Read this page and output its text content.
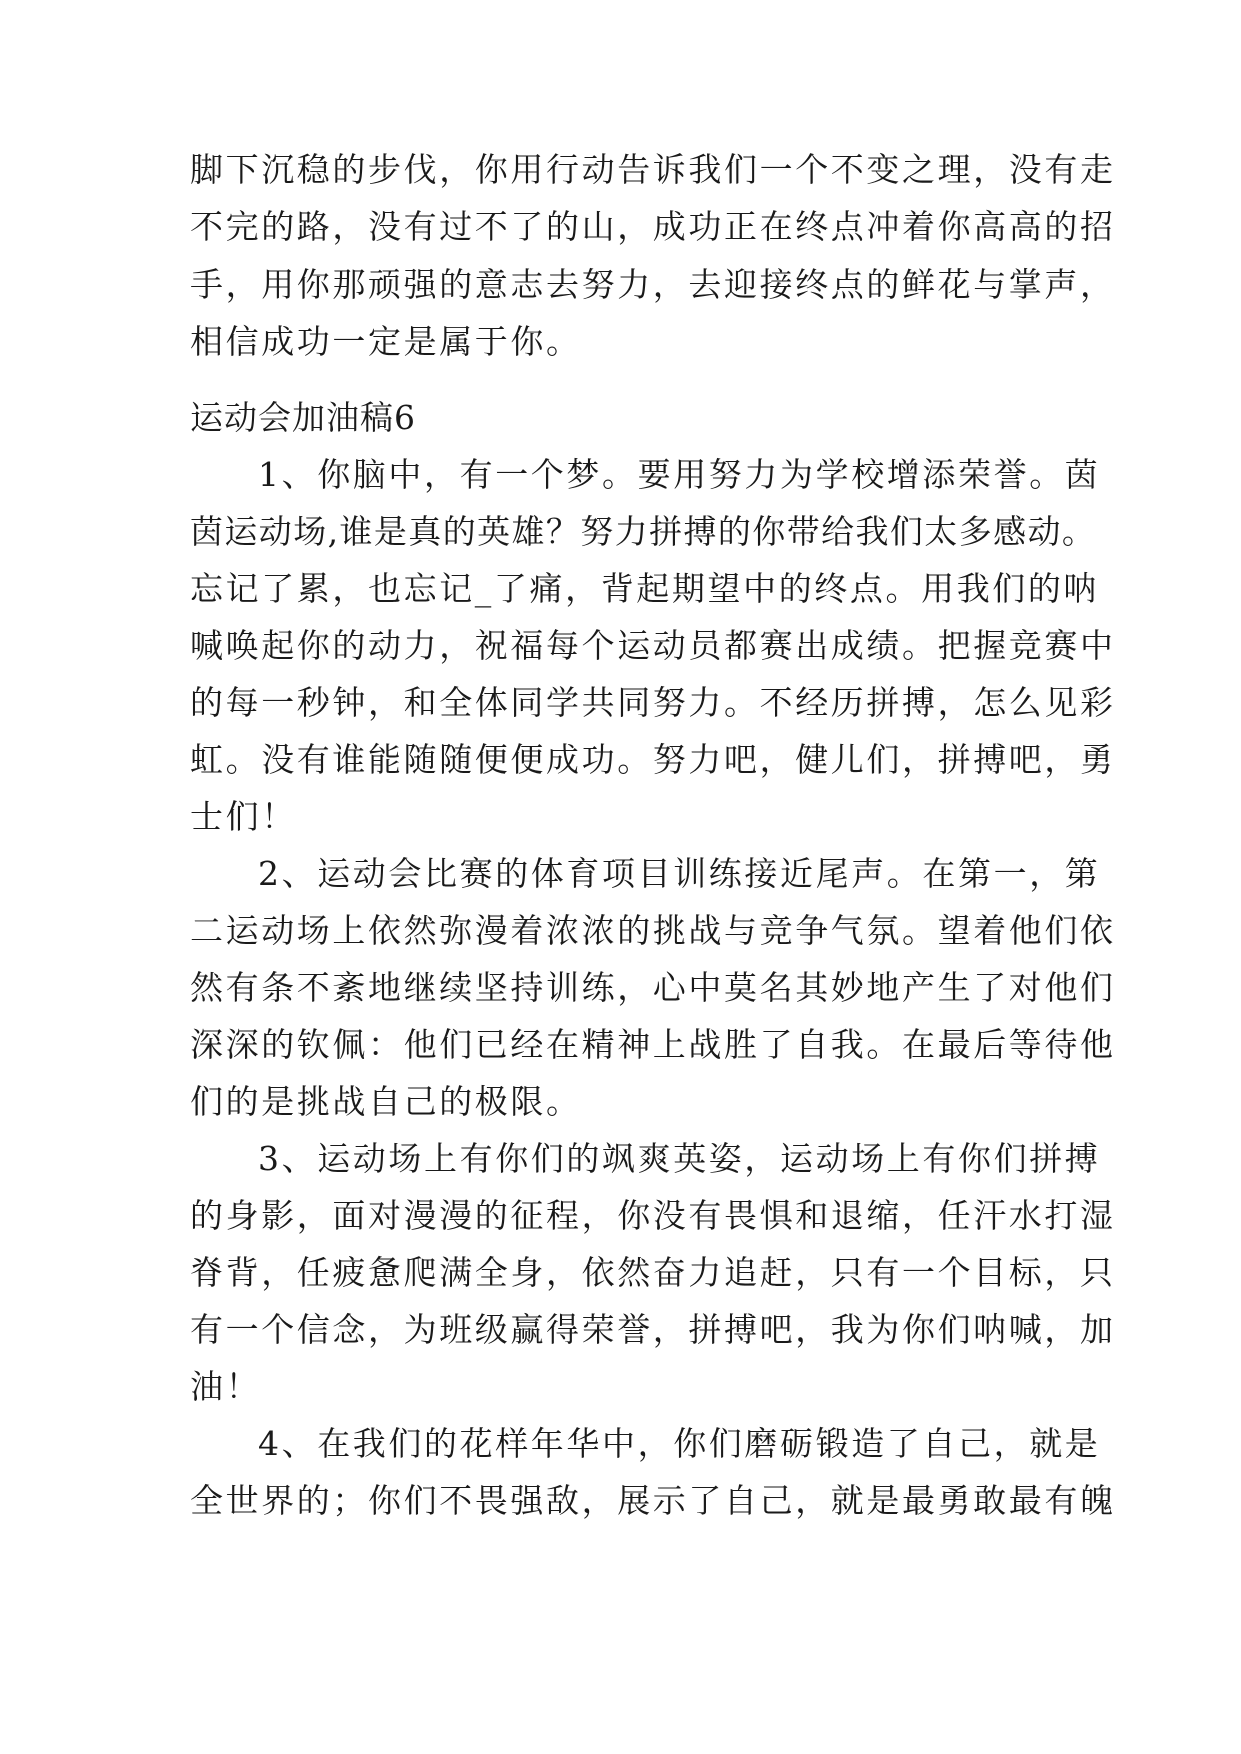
脚下沉稳的步伐，你用行动告诉我们一个不变之理，没有走
不完的路，没有过不了的山，成功正在终点冲着你高高的招
手，用你那顽强的意志去努力，去迎接终点的鲜花与掌声，
相信成功一定是属于你。
运动会加油稿6
1、你脑中，有一个梦。要用努力为学校增添荣誉。茵
茵运动场,谁是真的英雄？努力拼搏的你带给我们太多感动。
忘记了累，也忘记_了痛，背起期望中的终点。用我们的呐
喊唤起你的动力，祝福每个运动员都赛出成绩。把握竞赛中
的每一秒钟，和全体同学共同努力。不经历拼搏，怎么见彩
虹。没有谁能随随便便成功。努力吧，健儿们，拼搏吧，勇
士们！
2、运动会比赛的体育项目训练接近尾声。在第一，第
二运动场上依然弥漫着浓浓的挑战与竞争气氛。望着他们依
然有条不紊地继续坚持训练，心中莫名其妙地产生了对他们
深深的钦佩：他们已经在精神上战胜了自我。在最后等待他
们的是挑战自己的极限。
3、运动场上有你们的飒爽英姿，运动场上有你们拼搏
的身影，面对漫漫的征程，你没有畏惧和退缩，任汗水打湿
脊背，任疲惫爬满全身，依然奋力追赶，只有一个目标，只
有一个信念，为班级赢得荣誉，拼搏吧，我为你们呐喊，加
油！
4、在我们的花样年华中，你们磨砺锻造了自己，就是
全世界的；你们不畏强敌，展示了自己，就是最勇敢最有魄
